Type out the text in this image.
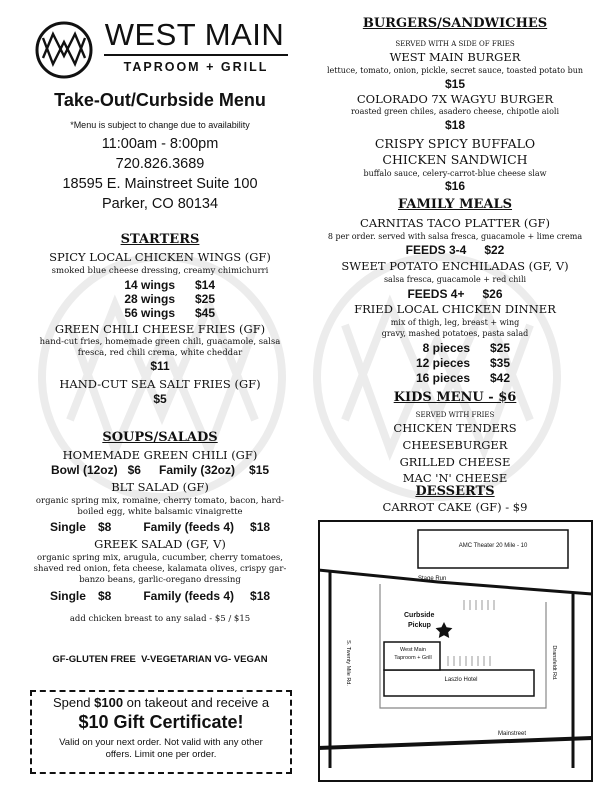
WEST MAIN
TAPROOM + GRILL
Take-Out/Curbside Menu
*Menu is subject to change due to availability
11:00am - 8:00pm
720.826.3689
18595 E. Mainstreet Suite 100
Parker, CO 80134
STARTERS
SPICY LOCAL CHICKEN WINGS (GF)
smoked blue cheese dressing, creamy chimichurri
14 wings	$14
28 wings	$25
56 wings	$45
GREEN CHILI CHEESE FRIES (GF)
hand-cut fries, homemade green chili, guacamole, salsa
fresca, red chili crema, white cheddar
$11
HAND-CUT SEA SALT FRIES (GF)
$5
SOUPS/SALADS
HOMEMADE GREEN CHILI (GF)
Bowl (12oz) $6 Family (32oz) $15
BLT SALAD (GF)
organic spring mix, romaine, cherry tomato, bacon, hard-
boiled egg, white balsamic vinaigrette
Single $8	Family (feeds 4) $18
GREEK SALAD (GF, V)
organic spring mix, arugula, cucumber, cherry tomatoes,
shaved red onion, feta cheese, kalamata olives, crispy gar-
banzo beans, garlic-oregano dressing
Single $8	Family (feeds 4) $18
add chicken breast to any salad - $5 / $15
GF-GLUTEN FREE  V-VEGETARIAN VG- VEGAN
Spend $100 on takeout and receive a
$10 Gift Certificate!
Valid on your next order. Not valid with any other
offers. Limit one per order.
BURGERS/SANDWICHES
SERVED WITH A SIDE OF FRIES
WEST MAIN BURGER
lettuce, tomato, onion, pickle, secret sauce, toasted potato bun
$15
COLORADO 7X WAGYU BURGER
roasted green chiles, asadero cheese, chipotle aioli
$18
CRISPY SPICY BUFFALO
CHICKEN SANDWICH
buffalo sauce, celery-carrot-blue cheese slaw
$16
FAMILY MEALS
CARNITAS TACO PLATTER (GF)
8 per order. served with salsa fresca, guacamole + lime crema
FEEDS 3-4 $22
SWEET POTATO ENCHILADAS (GF, V)
salsa fresca, guacamole + red chili
FEEDS 4+ $26
FRIED LOCAL CHICKEN DINNER
mix of thigh, leg, breast + wing
gravy, mashed potatoes, pasta salad
8 pieces	$25
12 pieces	$35
16 pieces	$42
KIDS MENU - $6
SERVED WITH FRIES
CHICKEN TENDERS
CHEESEBURGER
GRILLED CHEESE
MAC 'N' CHEESE
DESSERTS
CARROT CAKE (GF) - $9
AMC Theater 20 Mile - 10
Stage Run
Curbside
Pickup
West Main
Taproom + Grill
Laszlo Hotel
Mainstreet
S. Twenty Mile Rd.	Dransfeldt Rd.
